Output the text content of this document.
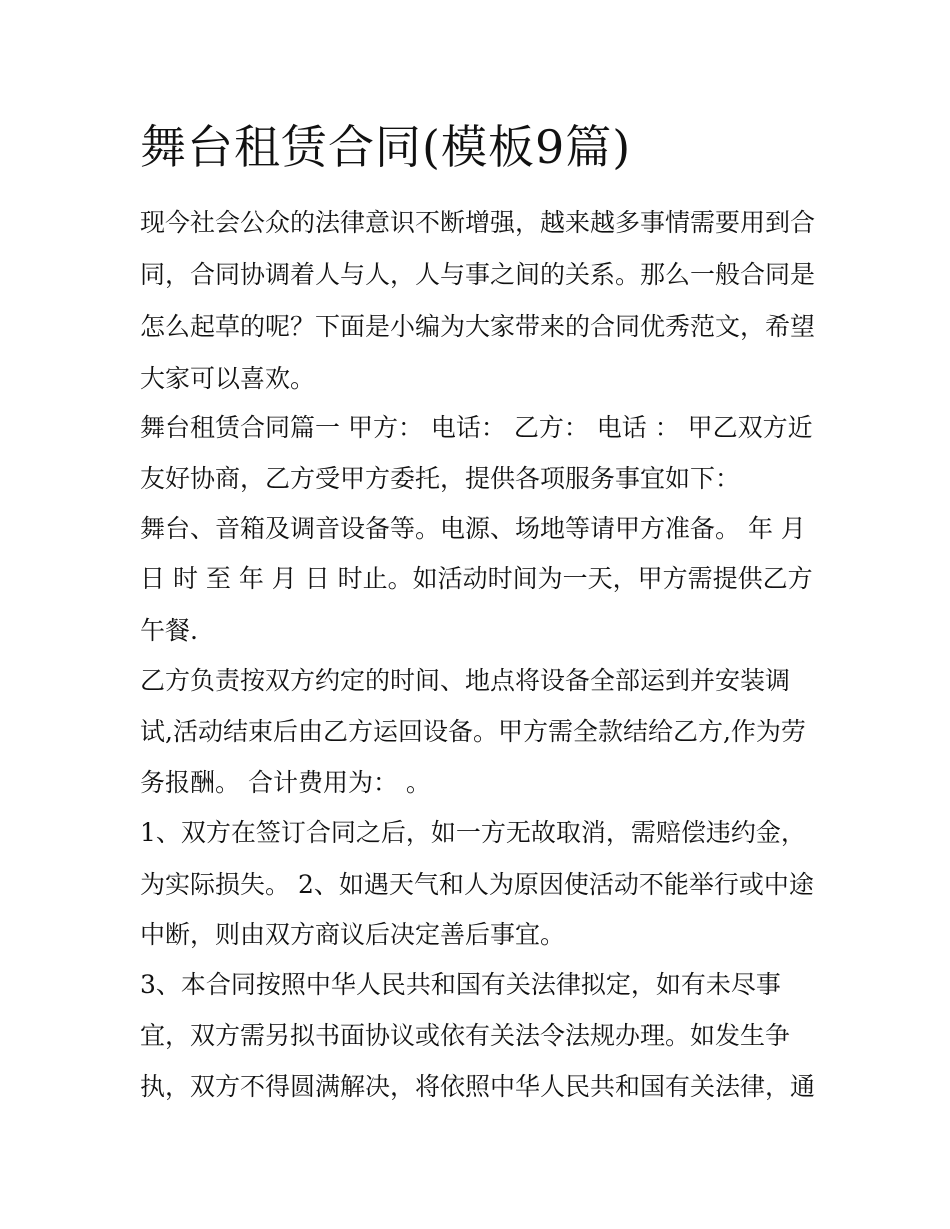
舞台租赁合同(模板9篇)

现今社会公众的法律意识不断增强，越来越多事情需要用到合

同，合同协调着人与人，人与事之间的关系。那么一般合同是

怎么起草的呢？下面是小编为大家带来的合同优秀范文，希望

大家可以喜欢。

舞台租赁合同篇一 甲方： 电话： 乙方： 电话 ： 甲乙双方近

友好协商，乙方受甲方委托，提供各项服务事宜如下：

舞台、音箱及调音设备等。电源、场地等请甲方准备。 年 月

日 时 至 年 月 日 时止。如活动时间为一天，甲方需提供乙方

午餐.

乙方负责按双方约定的时间、地点将设备全部运到并安装调

试,活动结束后由乙方运回设备。甲方需全款结给乙方,作为劳

务报酬。 合计费用为： 。

1、双方在签订合同之后，如一方无故取消，需赔偿违约金，

为实际损失。 2、如遇天气和人为原因使活动不能举行或中途

中断，则由双方商议后决定善后事宜。

3、本合同按照中华人民共和国有关法律拟定，如有未尽事

宜，双方需另拟书面协议或依有关法令法规办理。如发生争

执，双方不得圆满解决，将依照中华人民共和国有关法律，通
